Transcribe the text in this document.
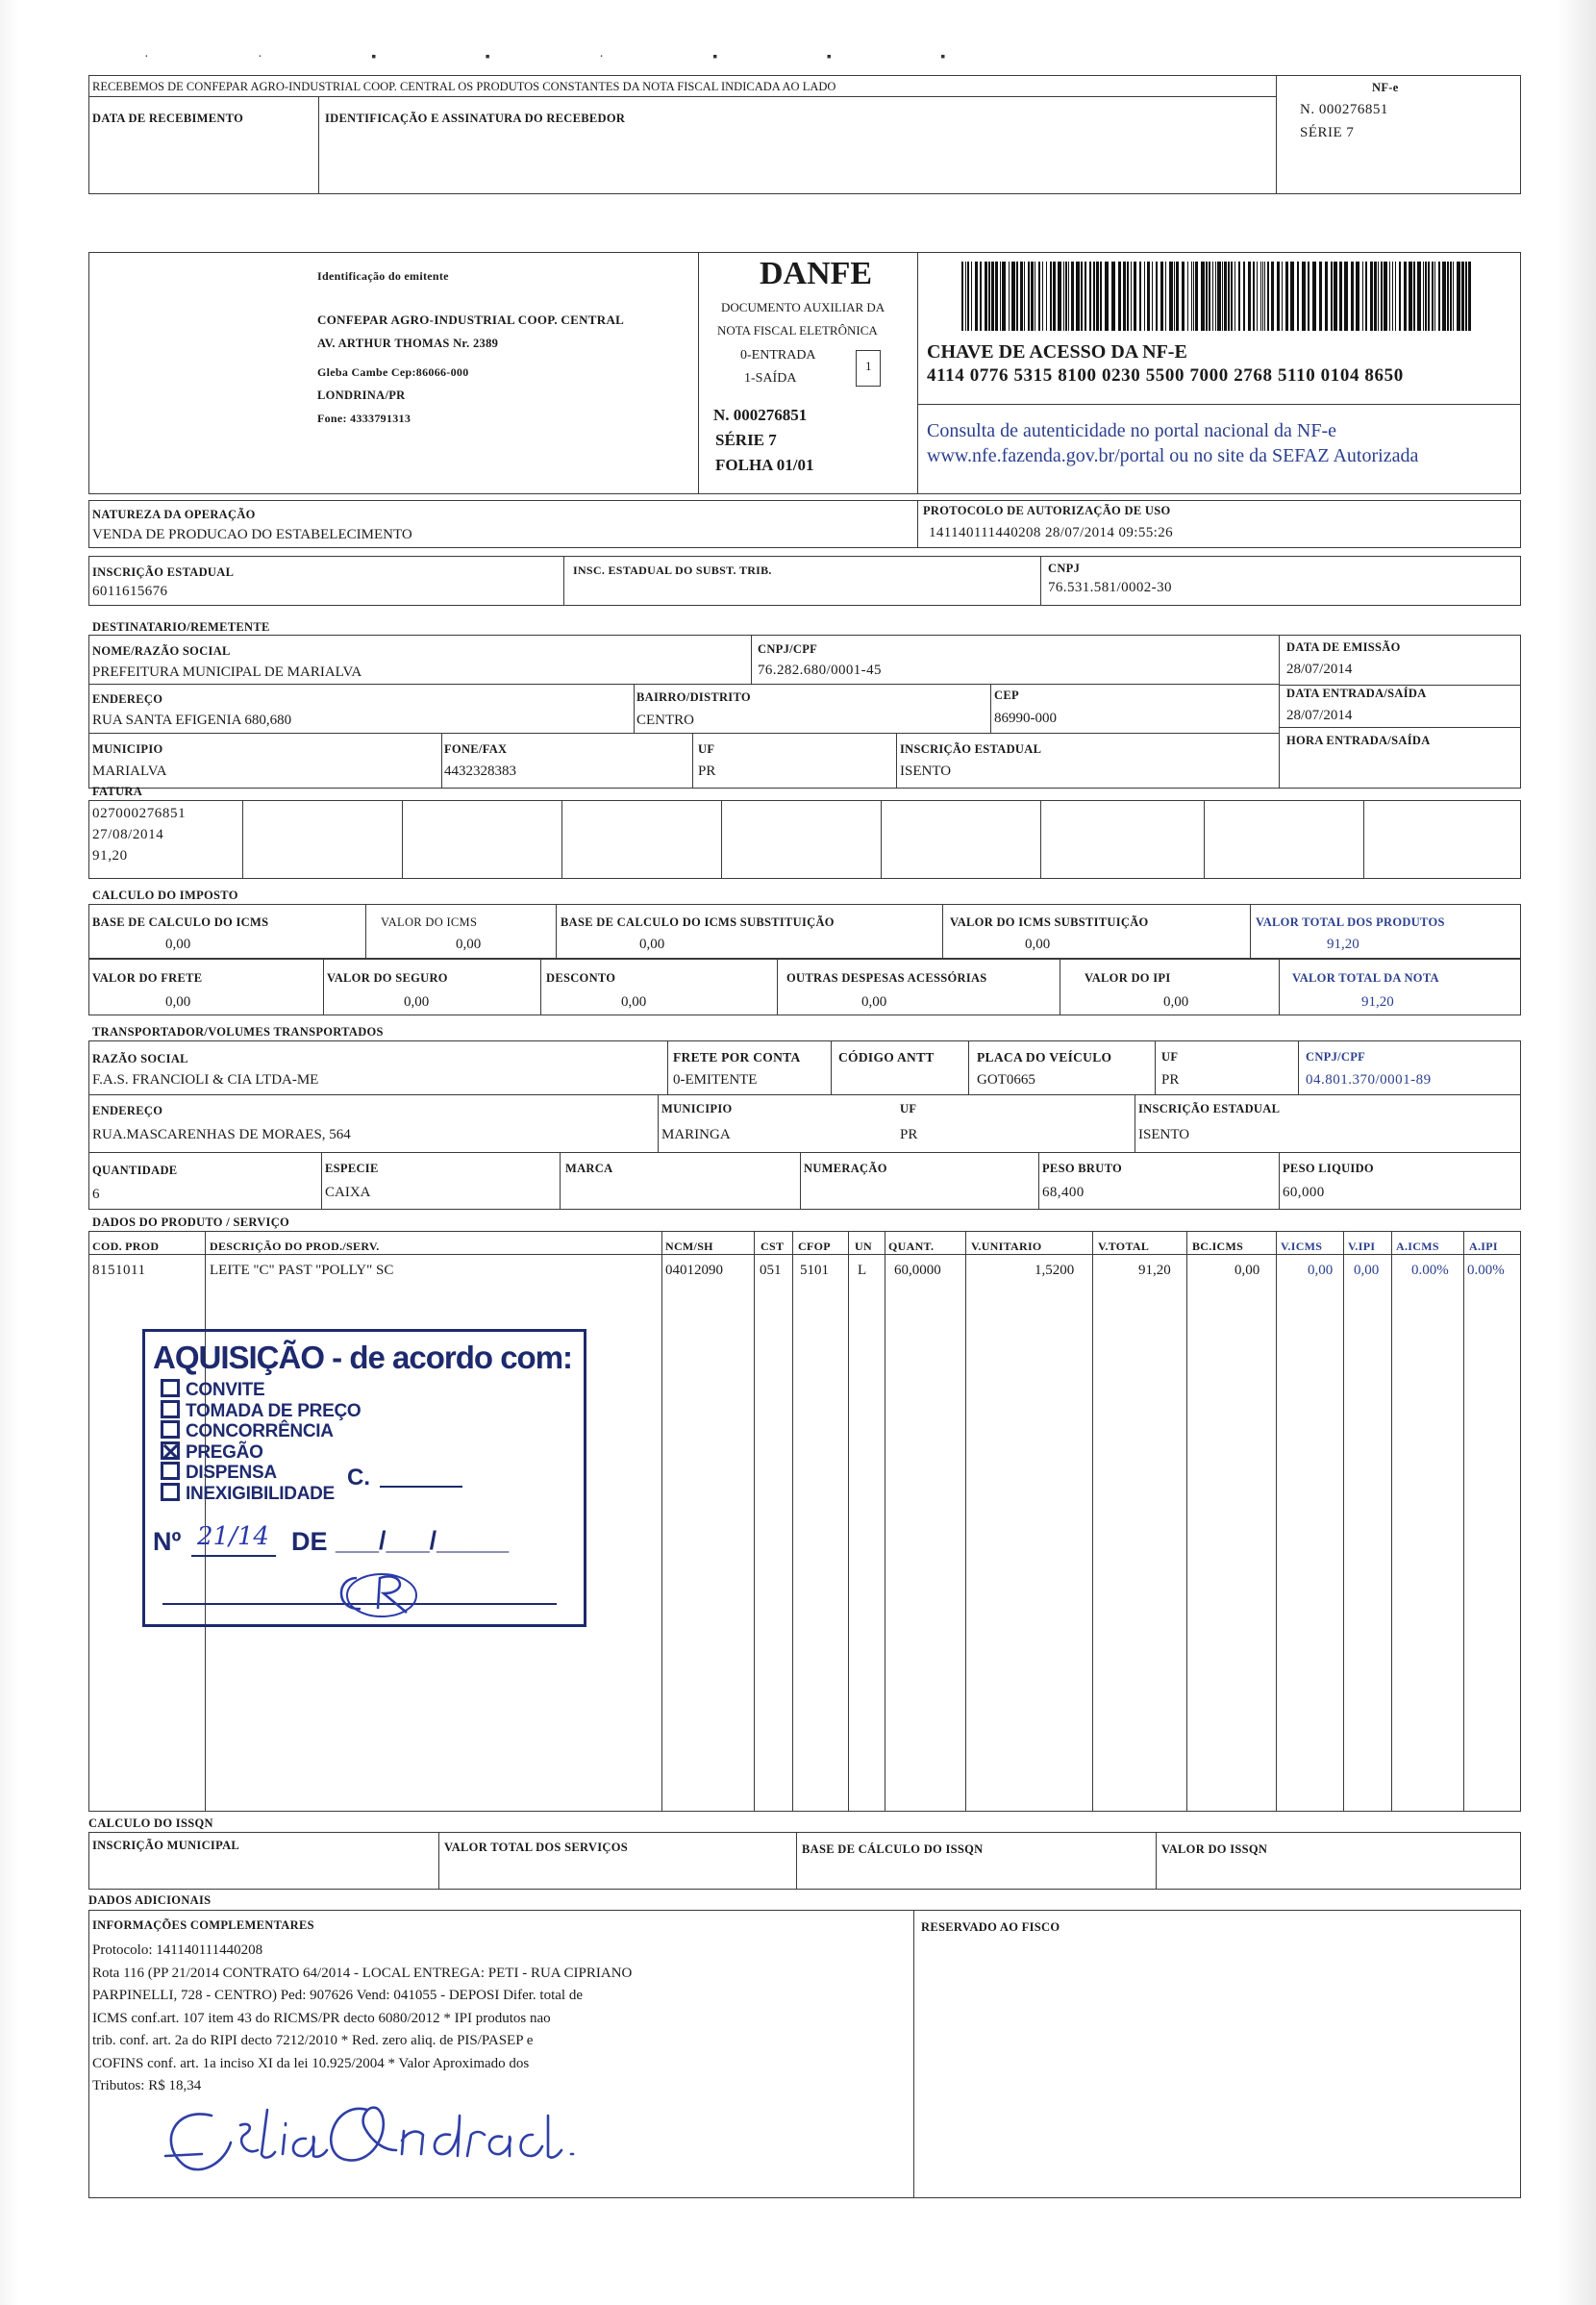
· · ▪ ▪ · ▪ ▪ ▪
RECEBEMOS DE CONFEPAR AGRO-INDUSTRIAL COOP. CENTRAL OS PRODUTOS CONSTANTES DA NOTA FISCAL INDICADA AO LADO
DATA DE RECEBIMENTO	IDENTIFICAÇÃO E ASSINATURA DO RECEBEDOR
NF-e
N. 000276851
SÉRIE 7
Identificação do emitente
CONFEPAR AGRO-INDUSTRIAL COOP. CENTRAL
AV. ARTHUR THOMAS Nr. 2389
Gleba Cambe Cep:86066-000
LONDRINA/PR
Fone: 4333791313
DANFE
DOCUMENTO AUXILIAR DA
NOTA FISCAL ELETRÔNICA
0-ENTRADA
1-SAÍDA
1
N. 000276851
SÉRIE 7
FOLHA 01/01
CHAVE DE ACESSO DA NF-E
4114 0776 5315 8100 0230 5500 7000 2768 5110 0104 8650
Consulta de autenticidade no portal nacional da NF-e
www.nfe.fazenda.gov.br/portal ou no site da SEFAZ Autorizada
NATUREZA DA OPERAÇÃO
VENDA DE PRODUCAO DO ESTABELECIMENTO
PROTOCOLO DE AUTORIZAÇÃO DE USO
141140111440208 28/07/2014 09:55:26
INSCRIÇÃO ESTADUAL
6011615676
INSC. ESTADUAL DO SUBST. TRIB.	CNPJ
76.531.581/0002-30
DESTINATARIO/REMETENTE
NOME/RAZÃO SOCIAL
PREFEITURA MUNICIPAL DE MARIALVA
CNPJ/CPF
76.282.680/0001-45
DATA DE EMISSÃO
28/07/2014
ENDEREÇO
RUA SANTA EFIGENIA 680,680
BAIRRO/DISTRITO
CENTRO
CEP
86990-000
DATA ENTRADA/SAÍDA
28/07/2014
MUNICIPIO
MARIALVA
FONE/FAX
4432328383
UF
PR
INSCRIÇÃO ESTADUAL
ISENTO
HORA ENTRADA/SAÍDA
FATURA
027000276851
27/08/2014
91,20
CALCULO DO IMPOSTO
BASE DE CALCULO DO ICMS
0,00
VALOR DO ICMS
0,00
BASE DE CALCULO DO ICMS SUBSTITUIÇÃO
0,00
VALOR DO ICMS SUBSTITUIÇÃO
0,00
VALOR TOTAL DOS PRODUTOS
91,20
VALOR DO FRETE
0,00
VALOR DO SEGURO
0,00
DESCONTO
0,00
OUTRAS DESPESAS ACESSÓRIAS
0,00
VALOR DO IPI
0,00
VALOR TOTAL DA NOTA
91,20
TRANSPORTADOR/VOLUMES TRANSPORTADOS
RAZÃO SOCIAL
F.A.S. FRANCIOLI & CIA LTDA-ME
FRETE POR CONTA
0-EMITENTE
CÓDIGO ANTT	PLACA DO VEÍCULO
GOT0665
UF
PR
CNPJ/CPF
04.801.370/0001-89
ENDEREÇO
RUA.MASCARENHAS DE MORAES, 564
MUNICIPIO
MARINGA
UF
PR
INSCRIÇÃO ESTADUAL
ISENTO
QUANTIDADE
6
ESPECIE
CAIXA
MARCA	NUMERAÇÃO	PESO BRUTO
68,400
PESO LIQUIDO
60,000
DADOS DO PRODUTO / SERVIÇO
COD. PROD	DESCRIÇÃO DO PROD./SERV.	NCM/SH	CST CFOP UN QUANT.	V.UNITARIO	V.TOTAL	BC.ICMS	V.ICMS V.IPI A.ICMS	A.IPI
8151011	LEITE "C" PAST "POLLY" SC	04012090	051 5101 L 60,0000	1,5200	91,20	0,00	0,00 0,00 0.00% 0.00%
AQUISIÇÃO - de acordo com:
CONVITE
TOMADA DE PREÇO
CONCORRÊNCIA
PREGÃO
DISPENSA
INEXIGIBILIDADE
C.
Nº 21/14 DE ___/___/_____
CALCULO DO ISSQN
INSCRIÇÃO MUNICIPAL	VALOR TOTAL DOS SERVIÇOS	BASE DE CÁLCULO DO ISSQN	VALOR DO ISSQN
DADOS ADICIONAIS
INFORMAÇÕES COMPLEMENTARES
Protocolo: 141140111440208
Rota 116 (PP 21/2014 CONTRATO 64/2014 - LOCAL ENTREGA: PETI - RUA CIPRIANO
PARPINELLI, 728 - CENTRO) Ped: 907626 Vend: 041055 - DEPOSI Difer. total de
ICMS conf.art. 107 item 43 do RICMS/PR decto 6080/2012 * IPI produtos nao
trib. conf. art. 2a do RIPI decto 7212/2010 * Red. zero aliq. de PIS/PASEP e
COFINS conf. art. 1a inciso XI da lei 10.925/2004 * Valor Aproximado dos
Tributos: R$ 18,34
RESERVADO AO FISCO
